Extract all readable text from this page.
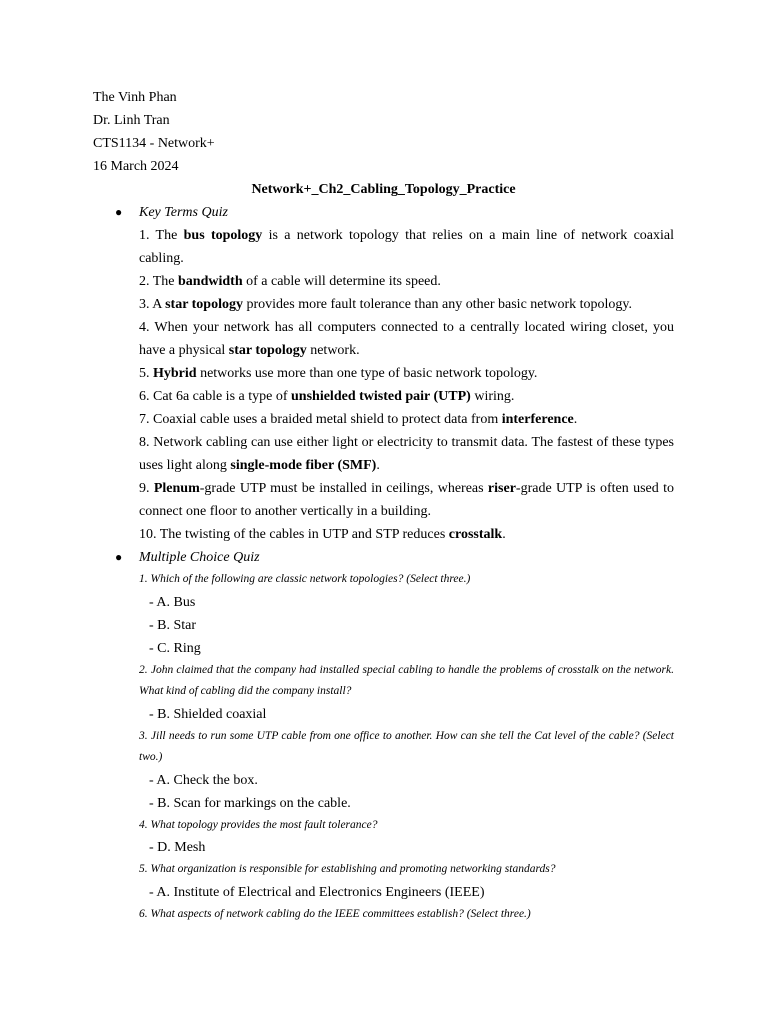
The Vinh Phan

Dr. Linh Tran

CTS1134 - Network+

16 March 2024

Network+_Ch2_Cabling_Topology_Practice

● Key Terms Quiz
1. The bus topology is a network topology that relies on a main line of network coaxial cabling.
2. The bandwidth of a cable will determine its speed.
3. A star topology provides more fault tolerance than any other basic network topology.
4. When your network has all computers connected to a centrally located wiring closet, you have a physical star topology network.
5. Hybrid networks use more than one type of basic network topology.
6. Cat 6a cable is a type of unshielded twisted pair (UTP) wiring.
7. Coaxial cable uses a braided metal shield to protect data from interference.
8. Network cabling can use either light or electricity to transmit data. The fastest of these types uses light along single-mode fiber (SMF).
9. Plenum-grade UTP must be installed in ceilings, whereas riser-grade UTP is often used to connect one floor to another vertically in a building.
10. The twisting of the cables in UTP and STP reduces crosstalk.
● Multiple Choice Quiz
1. Which of the following are classic network topologies? (Select three.)
- A. Bus
- B. Star
- C. Ring
2. John claimed that the company had installed special cabling to handle the problems of crosstalk on the network. What kind of cabling did the company install?
- B. Shielded coaxial
3. Jill needs to run some UTP cable from one office to another. How can she tell the Cat level of the cable? (Select two.)
- A. Check the box.
- B. Scan for markings on the cable.
4. What topology provides the most fault tolerance?
- D. Mesh
5. What organization is responsible for establishing and promoting networking standards?
- A. Institute of Electrical and Electronics Engineers (IEEE)
6. What aspects of network cabling do the IEEE committees establish? (Select three.)
